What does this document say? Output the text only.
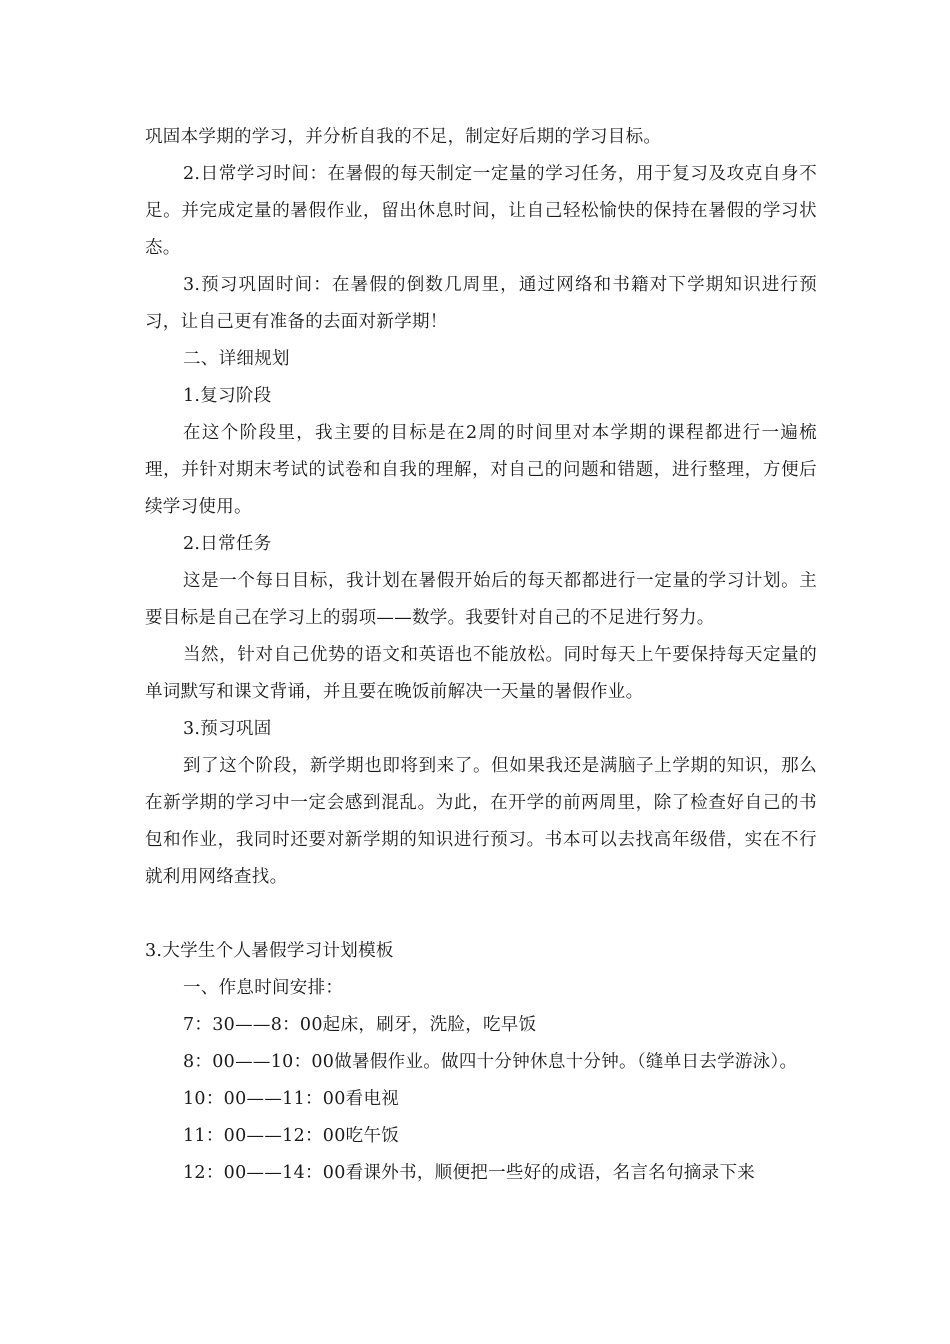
巩固本学期的学习，并分析自我的不足，制定好后期的学习目标。

2.日常学习时间：在暑假的每天制定一定量的学习任务，用于复习及攻克自身不足。并完成定量的暑假作业，留出休息时间，让自己轻松愉快的保持在暑假的学习状态。

3.预习巩固时间：在暑假的倒数几周里，通过网络和书籍对下学期知识进行预习，让自己更有准备的去面对新学期！

二、详细规划

1.复习阶段

在这个阶段里，我主要的目标是在2周的时间里对本学期的课程都进行一遍梳理，并针对期末考试的试卷和自我的理解，对自己的问题和错题，进行整理，方便后续学习使用。

2.日常任务

这是一个每日目标，我计划在暑假开始后的每天都都进行一定量的学习计划。主要目标是自己在学习上的弱项——数学。我要针对自己的不足进行努力。

当然，针对自己优势的语文和英语也不能放松。同时每天上午要保持每天定量的单词默写和课文背诵，并且要在晚饭前解决一天量的暑假作业。

3.预习巩固

到了这个阶段，新学期也即将到来了。但如果我还是满脑子上学期的知识，那么在新学期的学习中一定会感到混乱。为此，在开学的前两周里，除了检查好自己的书包和作业，我同时还要对新学期的知识进行预习。书本可以去找高年级借，实在不行就利用网络查找。

3.大学生个人暑假学习计划模板

一、作息时间安排：

7：30——8：00起床，刷牙，洗脸，吃早饭

8：00——10：00做暑假作业。做四十分钟休息十分钟。（缝单日去学游泳）。

10：00——11：00看电视

11：00——12：00吃午饭

12：00——14：00看课外书，顺便把一些好的成语，名言名句摘录下来
